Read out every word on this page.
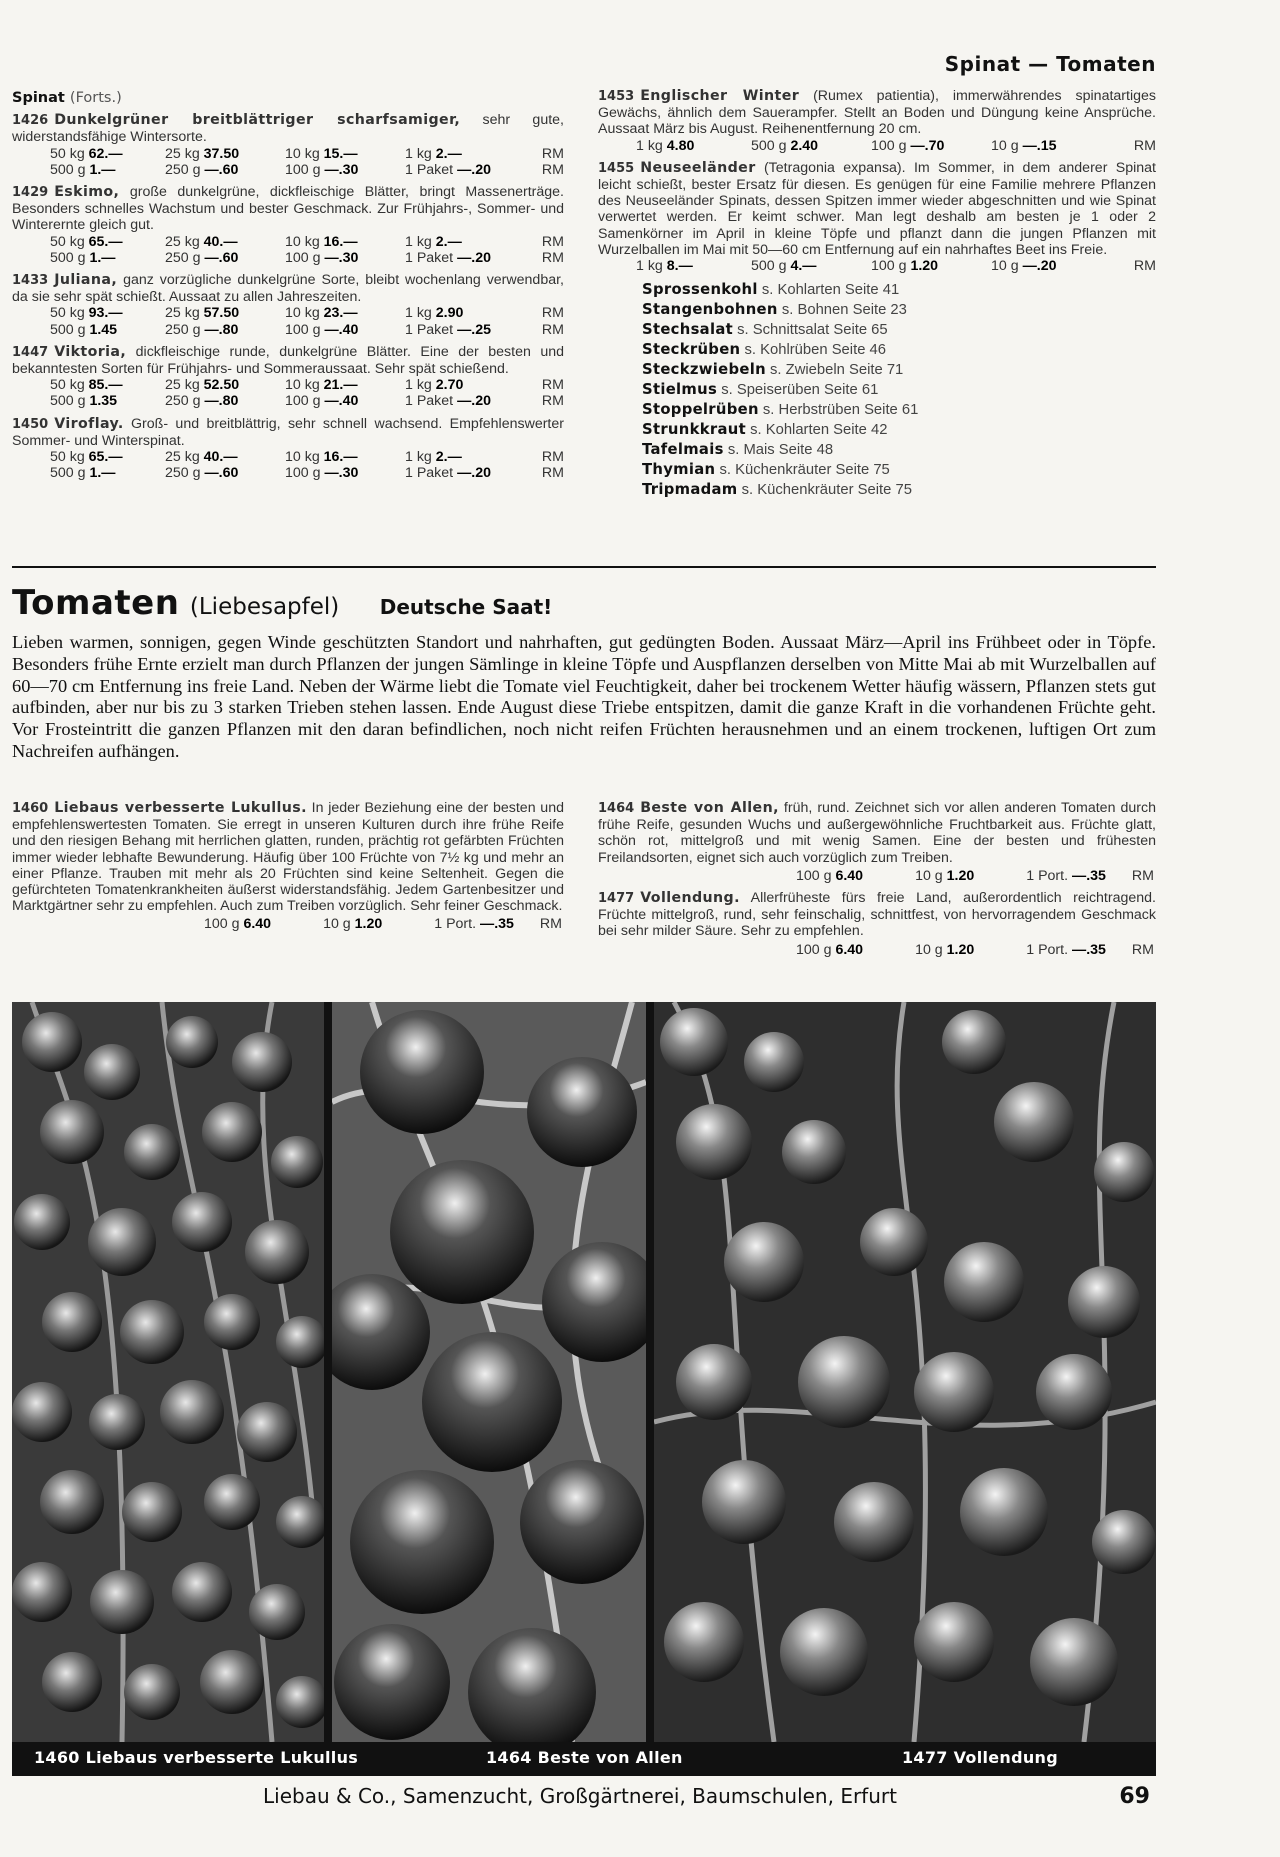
Spinat — Tomaten
Spinat (Forts.)
1426 Dunkelgrüner breitblättriger scharfsamiger, sehr gute, widerstandsfähige Wintersorte.
50 kg 62.—	25 kg 37.50	10 kg 15.—	1 kg 2.—	RM
500 g 1.—	250 g —.60	100 g —.30	1 Paket —.20	RM
1429 Eskimo, große dunkelgrüne, dickfleischige Blätter, bringt Massenerträge. Besonders schnelles Wachstum und bester Geschmack. Zur Frühjahrs-, Sommer- und Winterernte gleich gut.
50 kg 65.—	25 kg 40.—	10 kg 16.—	1 kg 2.—	RM
500 g 1.—	250 g —.60	100 g —.30	1 Paket —.20	RM
1433 Juliana, ganz vorzügliche dunkelgrüne Sorte, bleibt wochenlang verwendbar, da sie sehr spät schießt. Aussaat zu allen Jahreszeiten.
50 kg 93.—	25 kg 57.50	10 kg 23.—	1 kg 2.90	RM
500 g 1.45	250 g —.80	100 g —.40	1 Paket —.25	RM
1447 Viktoria, dickfleischige runde, dunkelgrüne Blätter. Eine der besten und bekanntesten Sorten für Frühjahrs- und Sommeraussaat. Sehr spät schießend.
50 kg 85.—	25 kg 52.50	10 kg 21.—	1 kg 2.70	RM
500 g 1.35	250 g —.80	100 g —.40	1 Paket —.20	RM
1450 Viroflay. Groß- und breitblättrig, sehr schnell wachsend. Empfehlenswerter Sommer- und Winterspinat.
50 kg 65.—	25 kg 40.—	10 kg 16.—	1 kg 2.—	RM
500 g 1.—	250 g —.60	100 g —.30	1 Paket —.20	RM
1453 Englischer Winter (Rumex patientia), immerwährendes spinatartiges Gewächs, ähnlich dem Sauerampfer. Stellt an Boden und Düngung keine Ansprüche. Aussaat März bis August. Reihenentfernung 20 cm.
1 kg 4.80	500 g 2.40	100 g —.70	10 g —.15	RM
1455 Neuseeländer (Tetragonia expansa). Im Sommer, in dem anderer Spinat leicht schießt, bester Ersatz für diesen. Es genügen für eine Familie mehrere Pflanzen des Neuseeländer Spinats, dessen Spitzen immer wieder abgeschnitten und wie Spinat verwertet werden. Er keimt schwer. Man legt deshalb am besten je 1 oder 2 Samenkörner im April in kleine Töpfe und pflanzt dann die jungen Pflanzen mit Wurzelballen im Mai mit 50—60 cm Entfernung auf ein nahrhaftes Beet ins Freie.
1 kg 8.—	500 g 4.—	100 g 1.20	10 g —.20	RM
Sprossenkohl s. Kohlarten Seite 41
Stangenbohnen s. Bohnen Seite 23
Stechsalat s. Schnittsalat Seite 65
Steckrüben s. Kohlrüben Seite 46
Steckzwiebeln s. Zwiebeln Seite 71
Stielmus s. Speiserüben Seite 61
Stoppelrüben s. Herbstrüben Seite 61
Strunkkraut s. Kohlarten Seite 42
Tafelmais s. Mais Seite 48
Thymian s. Küchenkräuter Seite 75
Tripmadam s. Küchenkräuter Seite 75
Tomaten (Liebesapfel) Deutsche Saat!
Lieben warmen, sonnigen, gegen Winde geschützten Standort und nahrhaften, gut gedüngten Boden. Aussaat März—April ins Frühbeet oder in Töpfe. Besonders frühe Ernte erzielt man durch Pflanzen der jungen Sämlinge in kleine Töpfe und Auspflanzen derselben von Mitte Mai ab mit Wurzelballen auf 60—70 cm Entfernung ins freie Land. Neben der Wärme liebt die Tomate viel Feuchtigkeit, daher bei trockenem Wetter häufig wässern, Pflanzen stets gut aufbinden, aber nur bis zu 3 starken Trieben stehen lassen. Ende August diese Triebe entspitzen, damit die ganze Kraft in die vorhandenen Früchte geht. Vor Frosteintritt die ganzen Pflanzen mit den daran befindlichen, noch nicht reifen Früchten herausnehmen und an einem trockenen, luftigen Ort zum Nachreifen aufhängen.
1460 Liebaus verbesserte Lukullus. In jeder Beziehung eine der besten und empfehlenswertesten Tomaten. Sie erregt in unseren Kulturen durch ihre frühe Reife und den riesigen Behang mit herrlichen glatten, runden, prächtig rot gefärbten Früchten immer wieder lebhafte Bewunderung. Häufig über 100 Früchte von 7½ kg und mehr an einer Pflanze. Trauben mit mehr als 20 Früchten sind keine Seltenheit. Gegen die gefürchteten Tomatenkrankheiten äußerst widerstandsfähig. Jedem Gartenbesitzer und Marktgärtner sehr zu empfehlen. Auch zum Treiben vorzüglich. Sehr feiner Geschmack.
100 g 6.40	10 g 1.20	1 Port. —.35 RM
1464 Beste von Allen, früh, rund. Zeichnet sich vor allen anderen Tomaten durch frühe Reife, gesunden Wuchs und außergewöhnliche Fruchtbarkeit aus. Früchte glatt, schön rot, mittelgroß und mit wenig Samen. Eine der besten und frühesten Freilandsorten, eignet sich auch vorzüglich zum Treiben.
100 g 6.40	10 g 1.20	1 Port. —.35 RM
1477 Vollendung. Allerfrüheste fürs freie Land, außerordentlich reichtragend. Früchte mittelgroß, rund, sehr feinschalig, schnittfest, von hervorragendem Geschmack bei sehr milder Säure. Sehr zu empfehlen.
100 g 6.40	10 g 1.20	1 Port. —.35 RM
1460 Liebaus verbesserte Lukullus	1464 Beste von Allen	1477 Vollendung
Liebau & Co., Samenzucht, Großgärtnerei, Baumschulen, Erfurt	69
